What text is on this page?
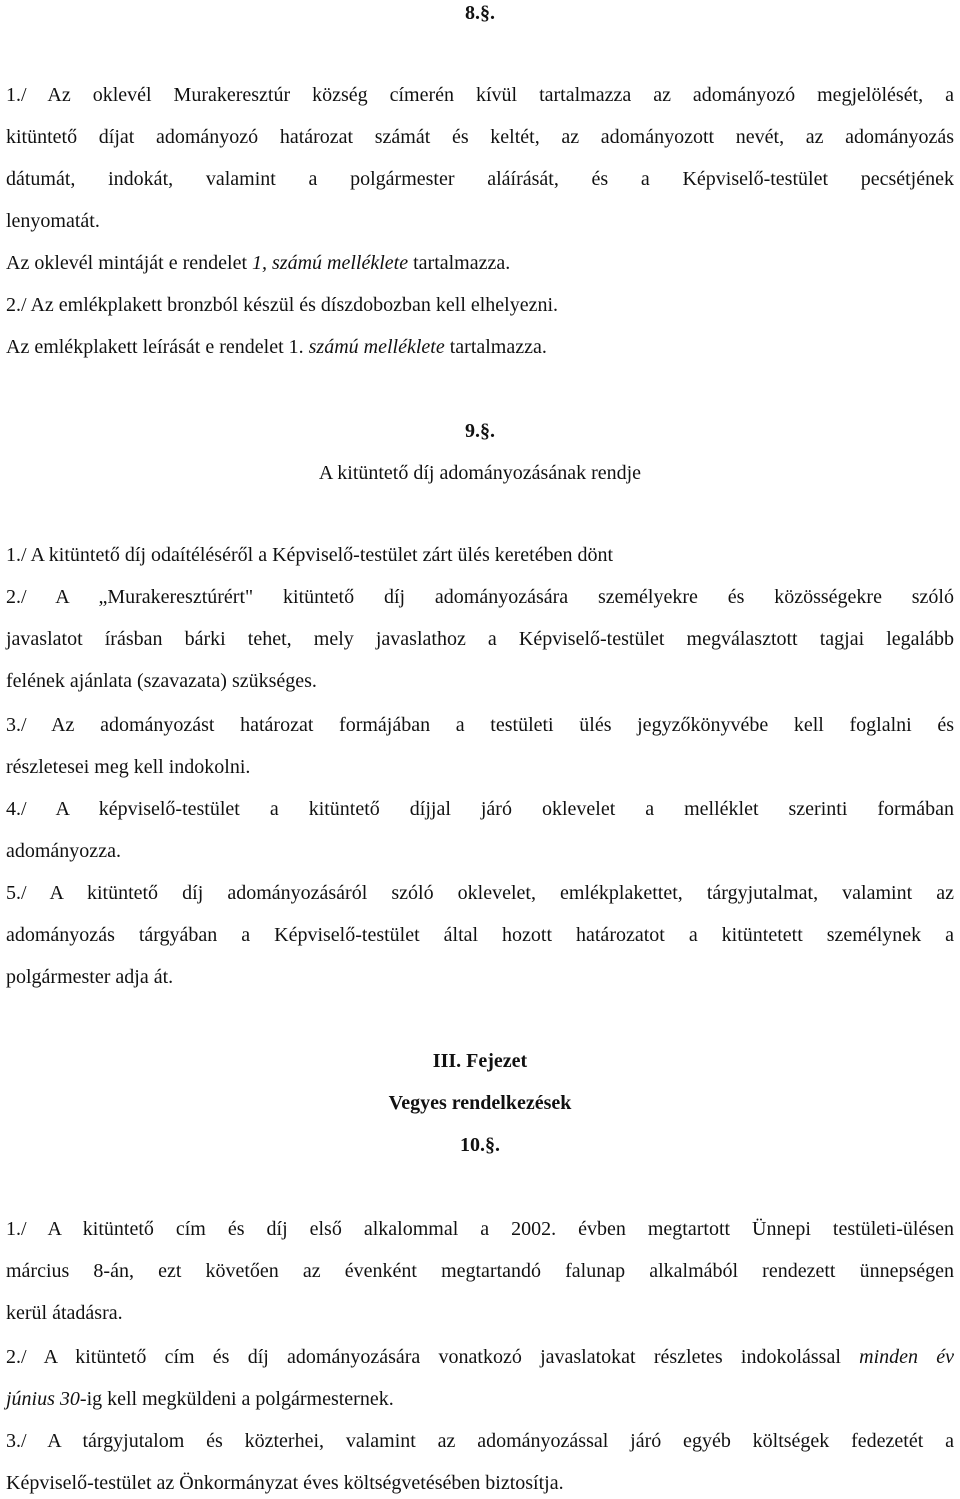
8.§.
1./ Az oklevél Murakeresztúr község címerén kívül tartalmazza az adományozó megjelölését, a
kitüntető díjat adományozó határozat számát és keltét, az adományozott nevét, az adományozás
dátumát, indokát, valamint a polgármester aláírását, és a Képviselő-testület pecsétjének
lenyomatát.
Az oklevél mintáját e rendelet 1, számú melléklete tartalmazza.
2./ Az emlékplakett bronzból készül és díszdobozban kell elhelyezni.
Az emlékplakett leírását e rendelet 1. számú melléklete tartalmazza.
9.§.
A kitüntető díj adományozásának rendje
1./ A kitüntető díj odaítéléséről a Képviselő-testület zárt ülés keretében dönt
2./ A „Murakeresztúrért" kitüntető díj adományozására személyekre és közösségekre szóló
javaslatot írásban bárki tehet, mely javaslathoz a Képviselő-testület megválasztott tagjai legalább
felének ajánlata (szavazata) szükséges.
3./ Az adományozást határozat formájában a testületi ülés jegyzőkönyvébe kell foglalni és
részletesei meg kell indokolni.
4./ A képviselő-testület a kitüntető díjjal járó oklevelet a melléklet szerinti formában
adományozza.
5./ A kitüntető díj adományozásáról szóló oklevelet, emlékplakettet, tárgyjutalmat, valamint az
adományozás tárgyában a Képviselő-testület által hozott határozatot a kitüntetett személynek a
polgármester adja át.
III. Fejezet
Vegyes rendelkezések
10.§.
1./ A kitüntető cím és díj első alkalommal a 2002. évben megtartott Ünnepi testületi-ülésen
március 8-án, ezt követően az évenként megtartandó falunap alkalmából rendezett ünnepségen
kerül átadásra.
2./ A kitüntető cím és díj adományozására vonatkozó javaslatokat részletes indokolással minden év
június 30-ig kell megküldeni a polgármesternek.
3./ A tárgyjutalom és közterhei, valamint az adományozással járó egyéb költségek fedezetét a
Képviselő-testület az Önkormányzat éves költségvetésében biztosítja.
